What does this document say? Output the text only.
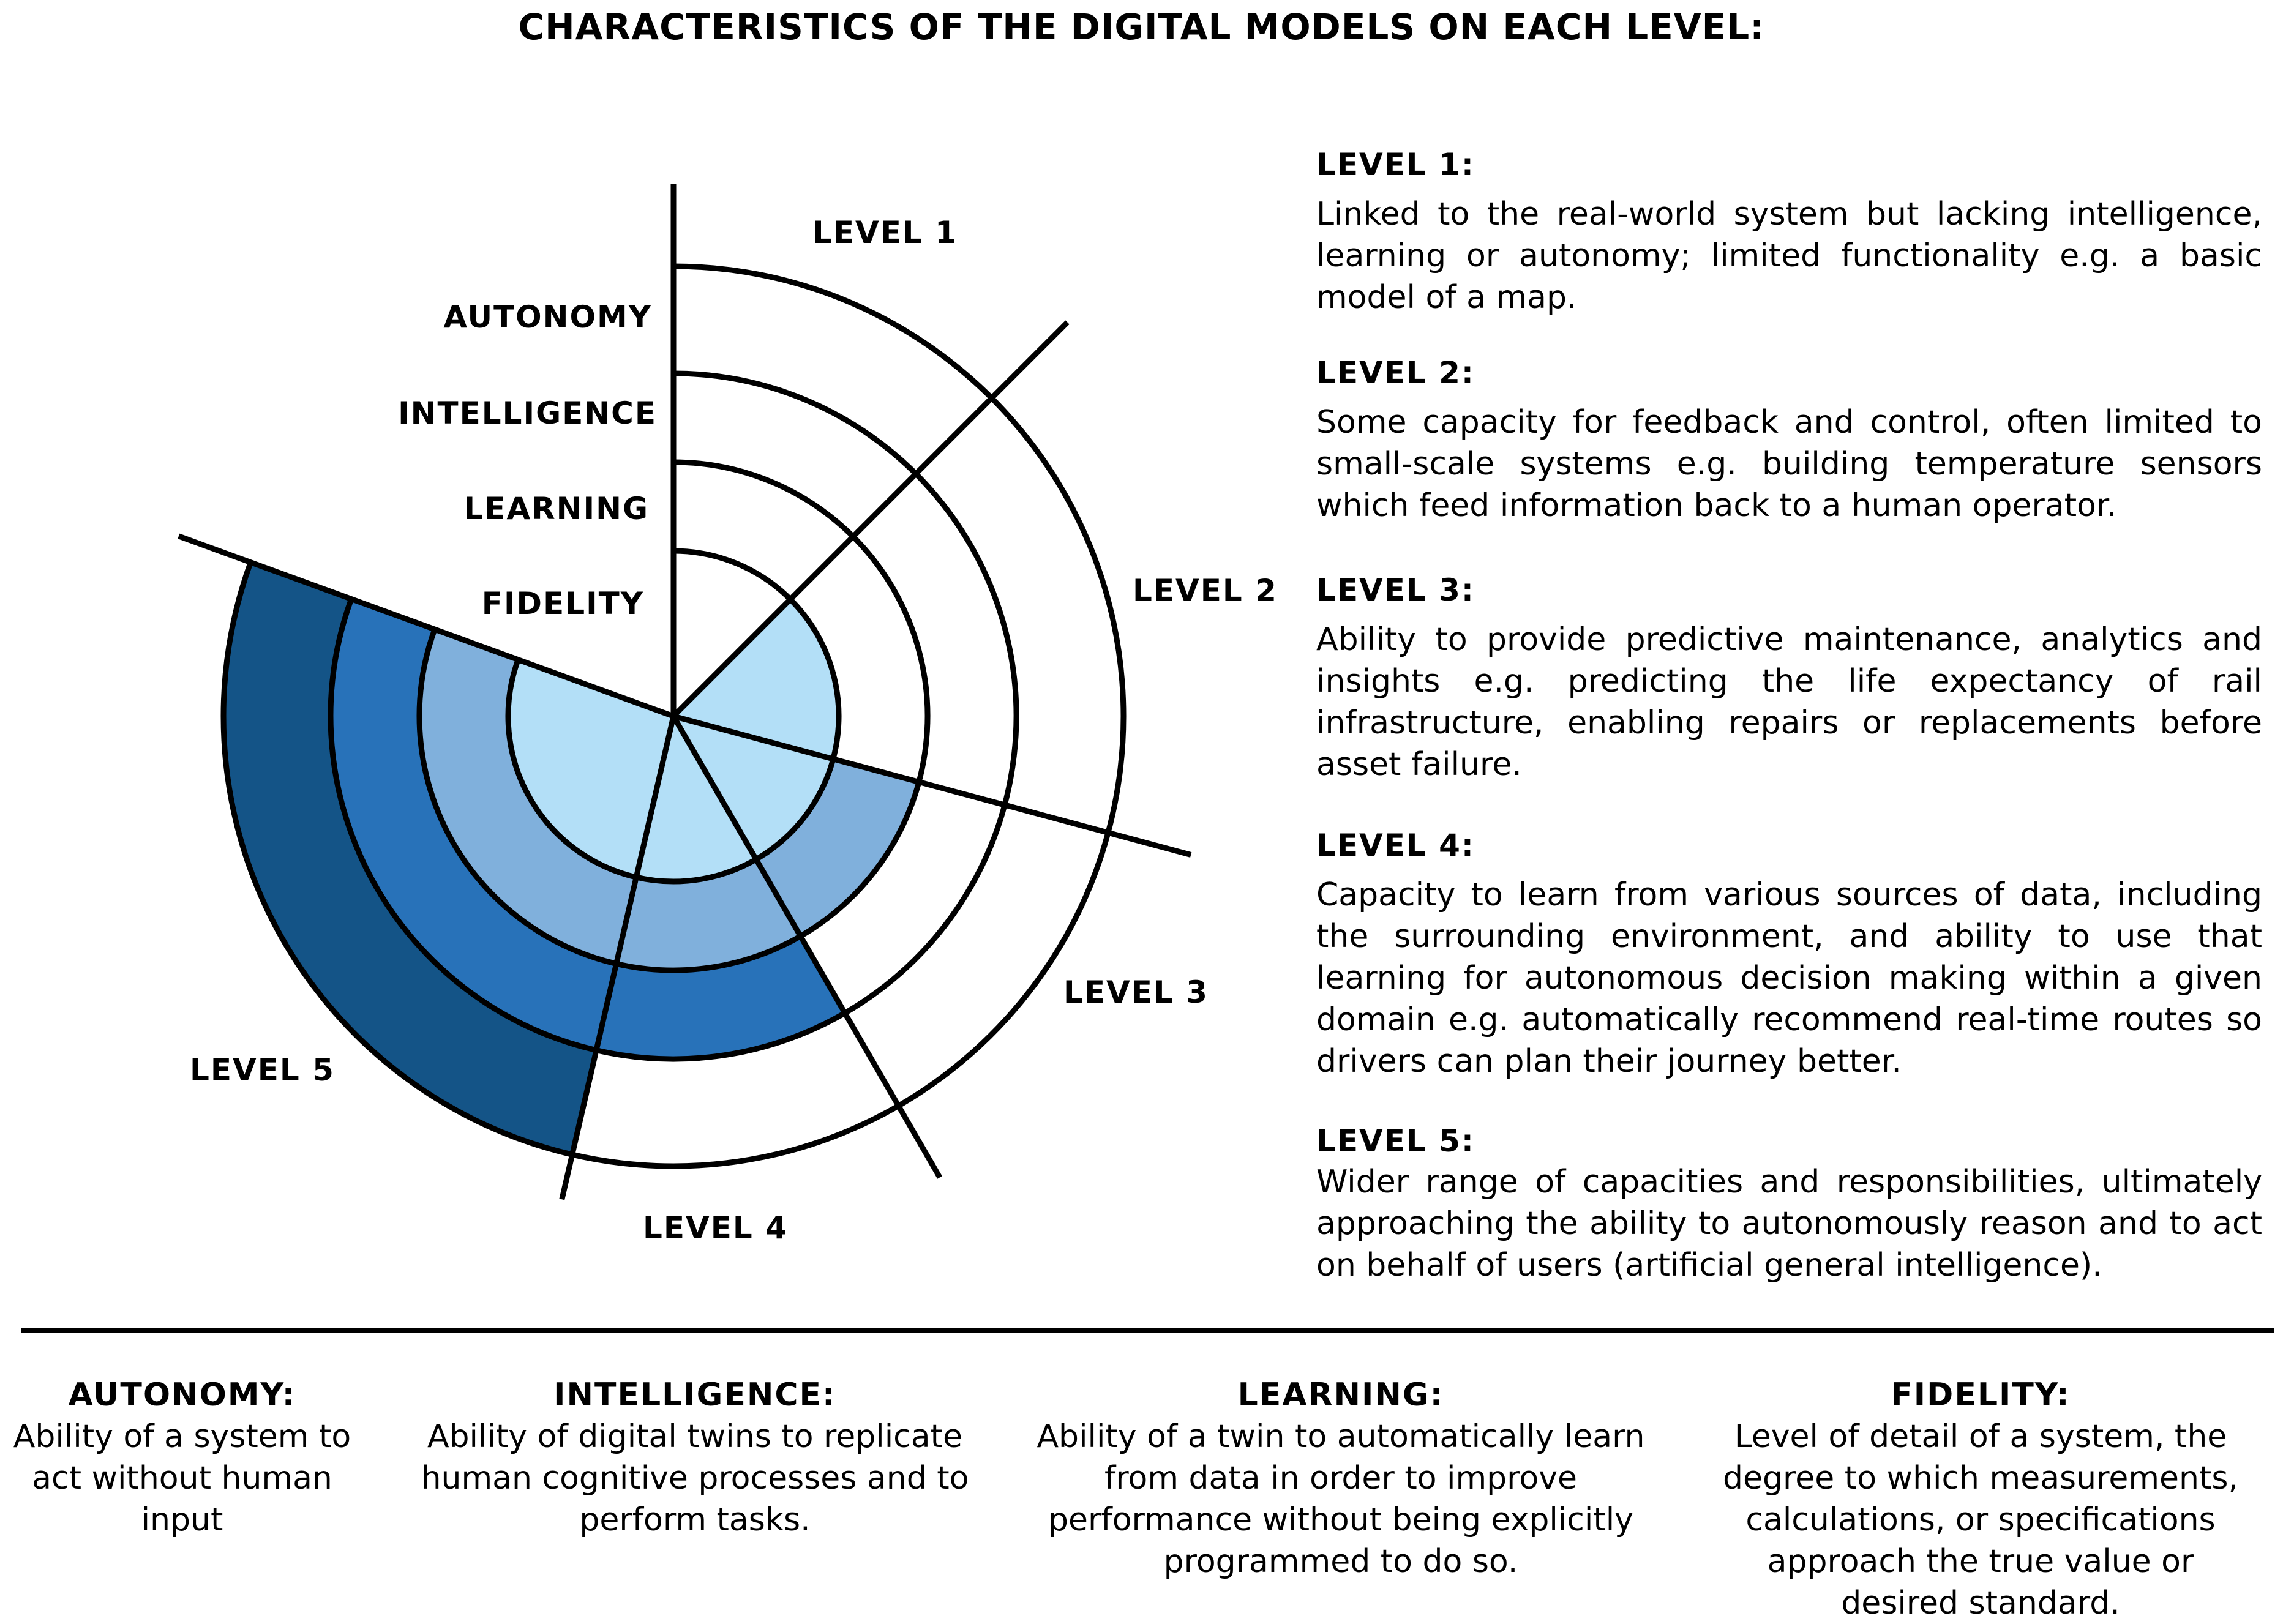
CHARACTERISTICS OF THE DIGITAL MODELS ON EACH LEVEL:
AUTONOMY
INTELLIGENCE
LEARNING
FIDELITY
LEVEL 1
LEVEL 2
LEVEL 3
LEVEL 4
LEVEL 5
LEVEL 1:

Linked to the real-world system but lacking intelligence, learning or autonomy; limited functionality e.g. a basic model of a map.

LEVEL 2:

Some capacity for feedback and control, often limited to small-scale systems e.g. building temperature sensors which feed information back to a human operator.

LEVEL 3:

Ability to provide predictive maintenance, analytics and insights e.g. predicting the life expectancy of rail infrastructure, enabling repairs or replacements before asset failure.

LEVEL 4:

Capacity to learn from various sources of data, including the surrounding environment, and ability to use that learning for autonomous decision making within a given domain e.g. automatically recommend real-time routes so drivers can plan their journey better.

LEVEL 5:

Wider range of capacities and responsibilities, ultimately approaching the ability to autonomously reason and to act on behalf of users (artificial general intelligence).

AUTONOMY:

Ability of a system to act without human input

INTELLIGENCE:

Ability of digital twins to replicate human cognitive processes and to perform tasks.

LEARNING:

Ability of a twin to automatically learn from data in order to improve performance without being explicitly programmed to do so.

FIDELITY:

Level of detail of a system, the degree to which measurements, calculations, or specifications approach the true value or desired standard.
